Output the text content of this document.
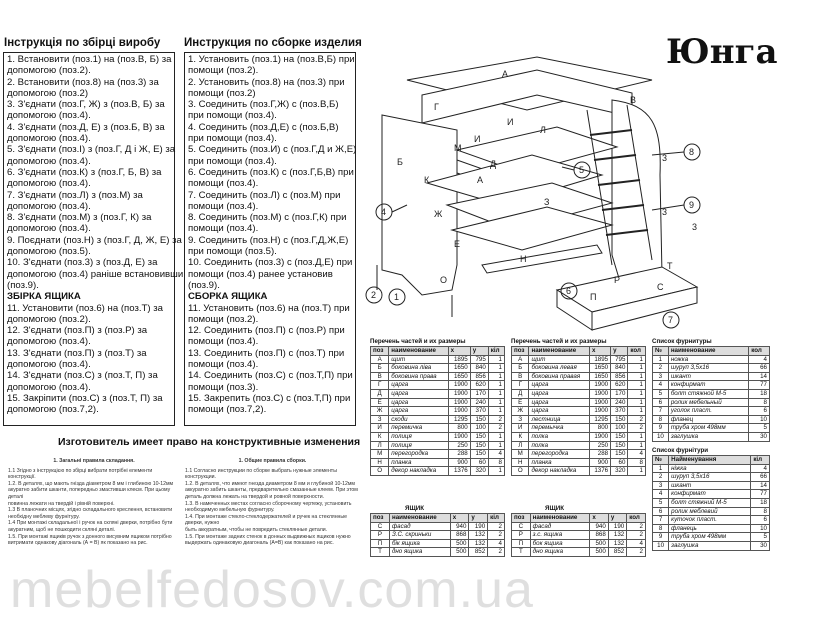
Інструкція по збірці виробу
1. Встановити (поз.1) на (поз.В, Б) за
допомогою (поз.2).
2. Встановити (поз.8) на (поз.3) за
допомогою (поз.2)
3. З'єднати (поз.Г, Ж) з (поз.В, Б) за
допомогою (поз.4).
4. З'єднати (поз.Д, Е) з (поз.Б, В) за
допомогою (поз.4).
5. З'єднати (поз.І) з (поз.Г, Д і Ж, Е) за
допомогою (поз.4).
6. З'єднати (поз.К) з (поз.Г, Б, В) за
допомогою (поз.4).
7. З'єднати (поз.Л) з (поз.М) за
допомогою (поз.4).
8. З'єднати (поз.М) з (поз.Г, К) за
допомогою (поз.4).
9. Поєднати (поз.Н) з (поз.Г, Д, Ж, Е) за
допомогою (поз.5).
10. З'єднати (поз.3) з (поз.Д, Е) за
допомогою (поз.4) раніше встановивши
(поз.9).
ЗБІРКА ЯЩИКА
11. Установити (поз.6) на (поз.Т) за
допомогою (поз.2).
12. З'єднати (поз.П) з (поз.Р) за
допомогою (поз.4).
13. З'єднати (поз.П) з (поз.Т) за
допомогою (поз.4).
14. З'єднати (поз.С) з (поз.Т, П) за
допомогою (поз.4).
15. Закріпити (поз.С) з (поз.Т, П) за
допомогою (поз.7,2).
Инструкция по сборке изделия
1. Установить (поз.1) на (поз.В,Б) при
помощи (поз.2).
2. Установить (поз.8) на (поз.3) при
помощи (поз.2)
3. Соединить (поз.Г,Ж) с (поз.В,Б)
при помощи (поз.4).
4. Соединить (поз.Д,Е) с (поз.Б,В)
при помощи (поз.4).
5. Соединить (поз.И) с (поз.Г,Д и Ж,Е)
при помощи (поз.4).
6. Соединить (поз.К) с (поз.Г,Б,В) при
помощи (поз.4).
7. Соединить (поз.Л) с (поз.М) при
помощи (поз.4).
8. Соединить (поз.М) с (поз.Г,К) при
помощи (поз.4).
9. Соединить (поз.Н) с (поз.Г,Д,Ж,Е)
при помощи (поз.5).
10. Соединить (поз.3) с (поз.Д,Е) при
помощи (поз.4) ранее установив
(поз.9).
СБОРКА ЯЩИКА
11. Установить (поз.6) на (поз.Т) при
помощи (поз.2).
12. Соединить (поз.П) с (поз.Р) при
помощи (поз.4).
13. Соединить (поз.П) с (поз.Т) при
помощи (поз.4).
14. Соединить (поз.С) с (поз.Т,П) при
помощи (поз.3).
15. Закрепить (поз.С) с (поз.Т,П) при
помощи (поз.7,2).
Юнга
А
В
Г
И
И
Л
М
А
Б
К
Д
Ж
З
Е
Н
О	Р
Т
С
П
8
3
4	3
9
5
2 1
6
3
7
Перечень частей и их размеры
поз	наименование	x	y	кіл
А	щит	1895	795	1
Б	боковина ліва	1650	840	1
В	боковина права	1650	856	1
Г	царга	1900	620	1
Д	царга	1900	170	1
Е	царга	1900	240	1
Ж	царга	1900	370	1
З	сходи	1295	150	2
И	перемичка	800	100	2
К	полиця	1900	150	1
Л	полиця	250	150	1
М	перегородка	288	150	4
Н	планка	900	60	8
О	декор накладка	1376	320	1
Перечень частей и их размеры
поз	наименование	x	y	кол
А	щит	1895	795	1
Б	боковина левая	1650	840	1
В	боковина правая	1650	856	1
Г	царга	1900	620	1
Д	царга	1900	170	1
Е	царга	1900	240	1
Ж	царга	1900	370	1
З	лестница	1295	150	2
И	перемычка	800	100	2
К	полка	1900	150	1
Л	полка	250	150	1
М	перегородка	288	150	4
Н	планка	900	60	8
О	декор накладка	1376	320	1
Список фурнитуры
№	наименование	кол
1	ножка	4
2	шуруп 3,5х16	66
3	шкант	14
4	конфирмат	77
5	болт стяжной М-5	18
6	ролик мебельный	8
7	уголок пласт.	6
8	фланец	10
9	труба хром 498мм	5
10	заглушка	30
Список фурнітури
№	Найменування	кіл
1	ніжка	4
2	шуруп 3,5х16	66
3	шкант	14
4	конфирмат	77
5	болт стяжний М-5	18
6	ролик меблевий	8
7	куточок пласт.	6
8	фланець	10
9	труба хром 498мм	5
10	заглушка	30
ЯЩИК
поз	наименование	x	y	кіл
С	фасад	940	190	2
Р	З.С. скриньки	868	132	2
П	бік ящика	500	132	4
Т	дно ящика	500	852	2
ЯЩИК
поз	наименование	x	y	кол
С	фасад	940	190	2
Р	з.с. ящика	868	132	2
П	бок ящика	500	132	4
Т	дно ящика	500	852	2
Изготовитель имеет право на конструктивные изменения
1. Загальні правила складання.
1.1 Згідно з інструкцією по збірці вибрати потрібні елементи конструкції.
1.2. В деталях, що мають гнізда діаметром 8 мм і глибиною 10-12мм
акуратно забити шканти, попередньо змастивши клеєм. При цьому деталі
повинна лежати на твердій і рівній поверхні.
1.3 В планочних місцях, згідно складального креслення, встановити
необхідну меблеву фурнітуру.
1.4 При монтажі складальної і ручок на скляні дверки, потрібно бути
акуратним, щоб не пошкодити скляні деталі.
1.5. При монтажі ящиків ручок з донного висувним ящиком потрібно
витримати однакову діагональ (А = В) як показано на рис.
1. Общие правила сборки.
1.1 Согласно инструкции по сборке выбрать нужные элементы конструкции.
1.2. В деталях, что имеют гнезда диаметром 8 мм и глубиной 10-12мм
аккуратно забить шканты, предварительно смазанные клеем. При этом
деталь должна лежать на твердой и ровной поверхности.
1.3. В намеченных местах согласно сборочному чертежу, установить
необходимую мебельную фурнитуру.
1.4. При монтаже стекло-стеклодержателей и ручек на стеклянные дверки, нужно
быть аккуратным, чтобы не повредить стеклянные детали.
1.5. При монтаже задних стенок в донных выдвижных ящиков нужно
выдержать одинаковую диагональ (А=В) как показано на рис.
mebelfedosov.com.ua
